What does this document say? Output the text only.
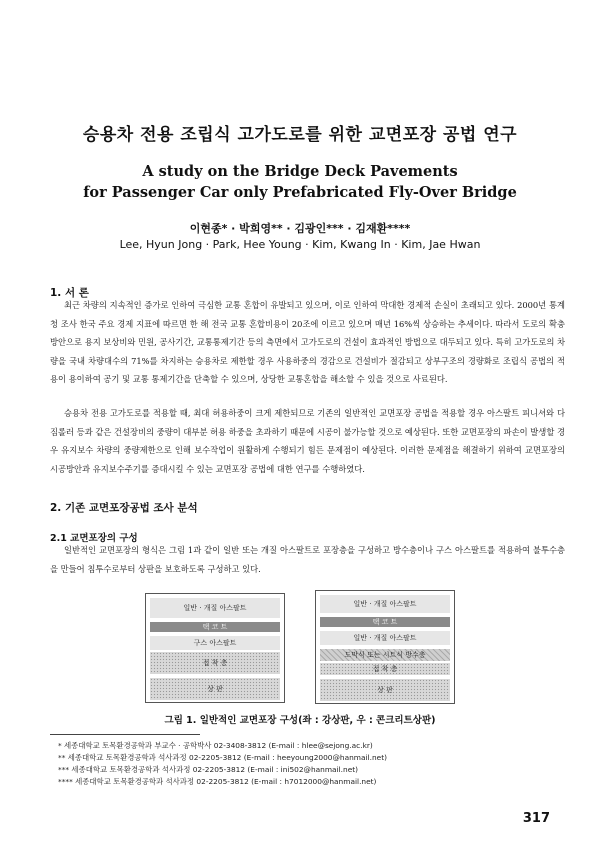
승용차 전용 조립식 고가도로를 위한 교면포장 공법 연구
A study on the Bridge Deck Pavements
for Passenger Car only Prefabricated Fly-Over Bridge
이현종* · 박희영** · 김광인*** · 김재환****
Lee, Hyun Jong · Park, Hee Young · Kim, Kwang In · Kim, Jae Hwan
1. 서 론

최근 차량의 지속적인 증가로 인하여 극심한 교통 혼합이 유발되고 있으며, 이로 인하여 막대한 경제적 손실이 초래되고 있다. 2000년 통계청 조사 한국 주요 경제 지표에 따르면 한 해 전국 교통 혼합비용이 20조에 이르고 있으며 매년 16%씩 상승하는 추세이다. 따라서 도로의 확충 방안으로 용지 보상비와 민원, 공사기간, 교통통제기간 등의 측면에서 고가도로의 건설이 효과적인 방법으로 대두되고 있다. 특히 고가도로의 차량을 국내 차량대수의 71%를 차지하는 승용차로 제한할 경우 사용하중의 경감으로 건설비가 절감되고 상부구조의 경량화로 조립식 공법의 적용이 용이하여 공기 및 교통 통제기간을 단축할 수 있으며, 상당한 교통혼합을 해소할 수 있을 것으로 사료된다.

승용차 전용 고가도로를 적용할 때, 최대 허용하중이 크게 제한되므로 기존의 일반적인 교면포장 공법을 적용할 경우 아스팔트 피니셔와 다짐롤러 등과 같은 건설장비의 중량이 대부분 허용 하중을 초과하기 때문에 시공이 불가능할 것으로 예상된다. 또한 교면포장의 파손이 발생할 경우 유지보수 차량의 중량제한으로 인해 보수작업이 원활하게 수행되기 힘든 문제점이 예상된다. 이러한 문제점을 해결하기 위하여 교면포장의 시공방안과 유지보수주기를 증대시킬 수 있는 교면포장 공법에 대한 연구를 수행하였다.

2. 기존 교면포장공법 조사 분석
2.1 교면포장의 구성

일반적인 교면포장의 형식은 그림 1과 같이 일반 또는 개질 아스팔트로 포장층을 구성하고 방수층이나 구스 아스팔트를 적용하여 불투수층을 만들어 침투수로부터 상판을 보호하도록 구성하고 있다.

일반 · 개질 아스팔트
택 코 트
구스 아스팔트
접 착 층
상 판
일반 · 개질 아스팔트
택 코 트
일반 · 개질 아스팔트
도막식 또는 시트식 방수층
접 착 층
상 판
그림 1. 일반적인 교면포장 구성(좌 : 강상판, 우 : 콘크리트상판)
* 세종대학교 토목환경공학과 부교수 · 공학박사 02-3408-3812 (E-mail : hlee@sejong.ac.kr)
** 세종대학교 토목환경공학과 석사과정 02-2205-3812 (E-mail : heeyoung2000@hanmail.net)
*** 세종대학교 토목환경공학과 석사과정 02-2205-3812 (E-mail : ini502@hanmail.net)
**** 세종대학교 토목환경공학과 석사과정 02-2205-3812 (E-mail : h7012000@hanmail.net)
317
